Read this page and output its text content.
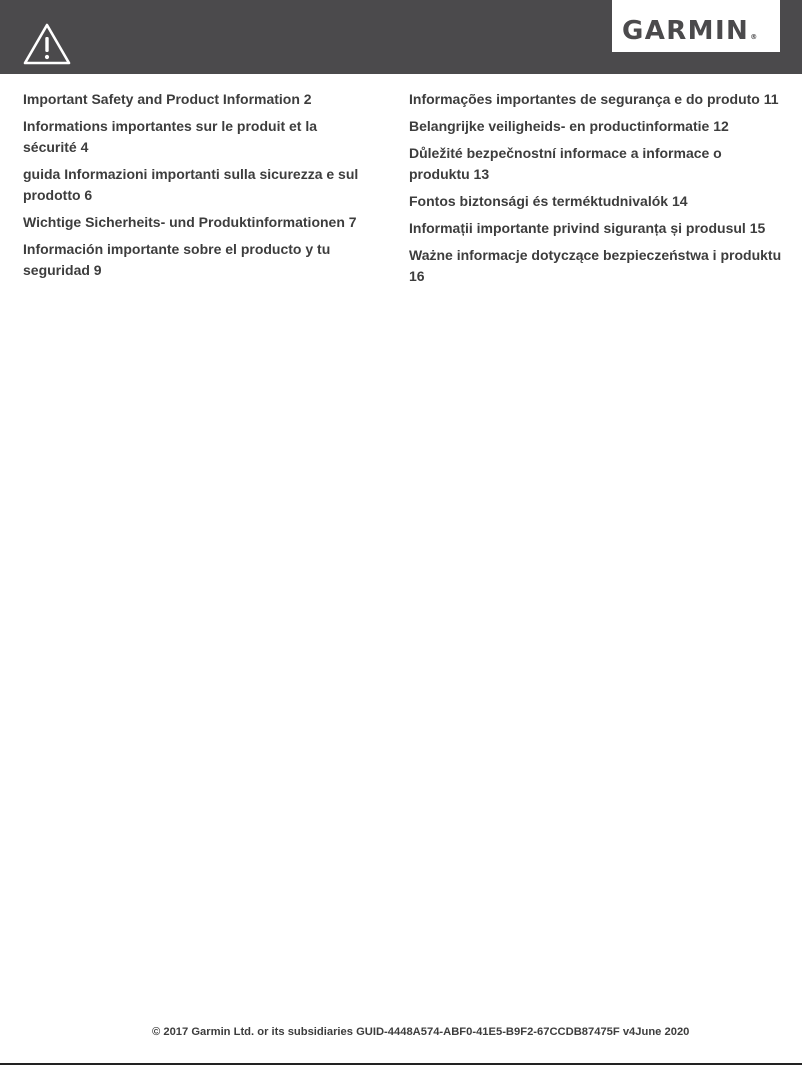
GARMIN®

Important Safety and Product Information 2

Informations importantes sur le produit et la sécurité 4

guida Informazioni importanti sulla sicurezza e sul prodotto 6

Wichtige Sicherheits- und Produktinformationen 7

Información importante sobre el producto y tu seguridad 9

Informações importantes de segurança e do produto 11

Belangrijke veiligheids- en productinformatie 12

Důležité bezpečnostní informace a informace o produktu 13

Fontos biztonsági és terméktudnivalók 14

Informații importante privind siguranța și produsul 15

Ważne informacje dotyczące bezpieczeństwa i produktu 16

© 2017 Garmin Ltd. or its subsidiaries GUID-4448A574-ABF0-41E5-B9F2-67CCDB87475F v4June 2020
